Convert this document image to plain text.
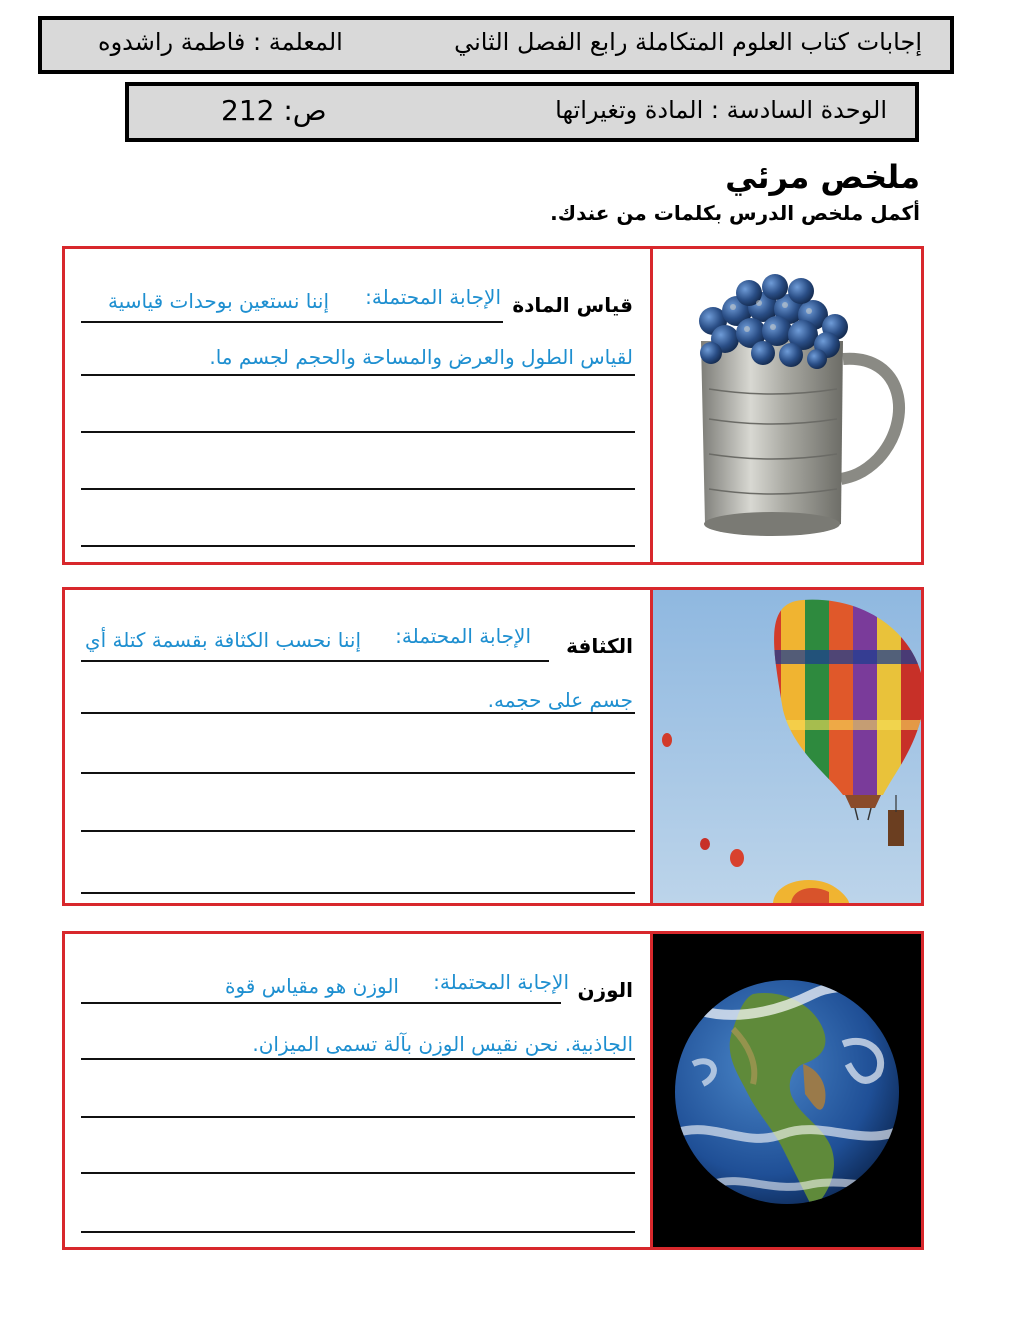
إجابات كتاب العلوم المتكاملة رابع الفصل الثاني
المعلمة : فاطمة راشدوه
الوحدة السادسة : المادة وتغيراتها
ص: 212
ملخص مرئي
أكمل ملخص الدرس بكلمات من عندك.
قياس المادة
الإجابة المحتملة:
إننا نستعين بوحدات قياسية
لقياس الطول والعرض والمساحة والحجم لجسم ما.
الكثافة
الإجابة المحتملة:
إننا نحسب الكثافة بقسمة كتلة أي
جسم على حجمه.
الوزن
الإجابة المحتملة:
الوزن هو مقياس قوة
الجاذبية. نحن نقيس الوزن بآلة تسمى الميزان.
